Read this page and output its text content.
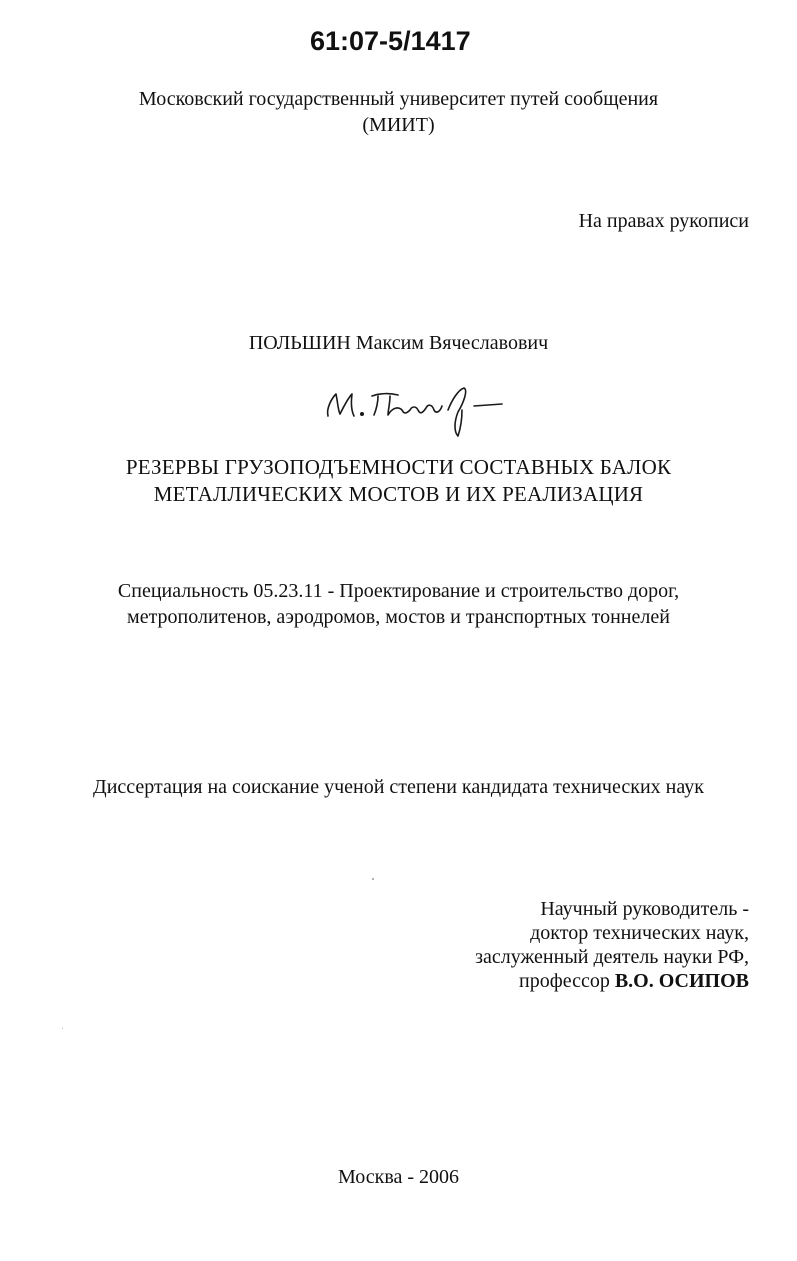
61:07-5/1417
Московский государственный университет путей сообщения
(МИИТ)
На правах рукописи
ПОЛЬШИН Максим Вячеславович
РЕЗЕРВЫ ГРУЗОПОДЪЕМНОСТИ СОСТАВНЫХ БАЛОК
МЕТАЛЛИЧЕСКИХ МОСТОВ И ИХ РЕАЛИЗАЦИЯ
Специальность 05.23.11 - Проектирование и строительство дорог,
метрополитенов, аэродромов, мостов и транспортных тоннелей
Диссертация на соискание ученой степени кандидата технических наук
Научный руководитель -
доктор технических наук,
заслуженный деятель науки РФ,
профессор В.О. ОСИПОВ
Москва - 2006
